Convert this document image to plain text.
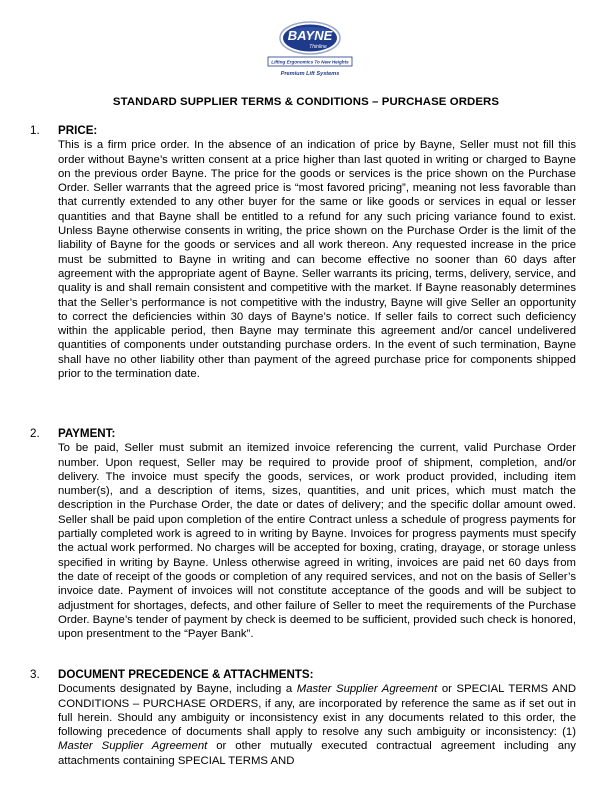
BAYNE
Thinline
Lifting Ergonomics To New Heights
Premium Lift Systems
STANDARD SUPPLIER TERMS & CONDITIONS – PURCHASE ORDERS
1. PRICE:

This is a firm price order. In the absence of an indication of price by Bayne, Seller must not fill this order without Bayne’s written consent at a price higher than last quoted in writing or charged to Bayne on the previous order Bayne. The price for the goods or services is the price shown on the Purchase Order. Seller warrants that the agreed price is “most favored pricing”, meaning not less favorable than that currently extended to any other buyer for the same or like goods or services in equal or lesser quantities and that Bayne shall be entitled to a refund for any such pricing variance found to exist. Unless Bayne otherwise consents in writing, the price shown on the Purchase Order is the limit of the liability of Bayne for the goods or services and all work thereon. Any requested increase in the price must be submitted to Bayne in writing and can become effective no sooner than 60 days after agreement with the appropriate agent of Bayne. Seller warrants its pricing, terms, delivery, service, and quality is and shall remain consistent and competitive with the market. If Bayne reasonably determines that the Seller’s performance is not competitive with the industry, Bayne will give Seller an opportunity to correct the deficiencies within 30 days of Bayne’s notice. If seller fails to correct such deficiency within the applicable period, then Bayne may terminate this agreement and/or cancel undelivered quantities of components under outstanding purchase orders. In the event of such termination, Bayne shall have no other liability other than payment of the agreed purchase price for components shipped prior to the termination date.

2. PAYMENT:

To be paid, Seller must submit an itemized invoice referencing the current, valid Purchase Order number. Upon request, Seller may be required to provide proof of shipment, completion, and/or delivery. The invoice must specify the goods, services, or work product provided, including item number(s), and a description of items, sizes, quantities, and unit prices, which must match the description in the Purchase Order, the date or dates of delivery; and the specific dollar amount owed. Seller shall be paid upon completion of the entire Contract unless a schedule of progress payments for partially completed work is agreed to in writing by Bayne. Invoices for progress payments must specify the actual work performed. No charges will be accepted for boxing, crating, drayage, or storage unless specified in writing by Bayne. Unless otherwise agreed in writing, invoices are paid net 60 days from the date of receipt of the goods or completion of any required services, and not on the basis of Seller’s invoice date. Payment of invoices will not constitute acceptance of the goods and will be subject to adjustment for shortages, defects, and other failure of Seller to meet the requirements of the Purchase Order. Bayne’s tender of payment by check is deemed to be sufficient, provided such check is honored, upon presentment to the “Payer Bank”.

3. DOCUMENT PRECEDENCE & ATTACHMENTS:

Documents designated by Bayne, including a Master Supplier Agreement or SPECIAL TERMS AND CONDITIONS – PURCHASE ORDERS, if any, are incorporated by reference the same as if set out in full herein. Should any ambiguity or inconsistency exist in any documents related to this order, the following precedence of documents shall apply to resolve any such ambiguity or inconsistency: (1) Master Supplier Agreement or other mutually executed contractual agreement including any attachments containing SPECIAL TERMS AND
